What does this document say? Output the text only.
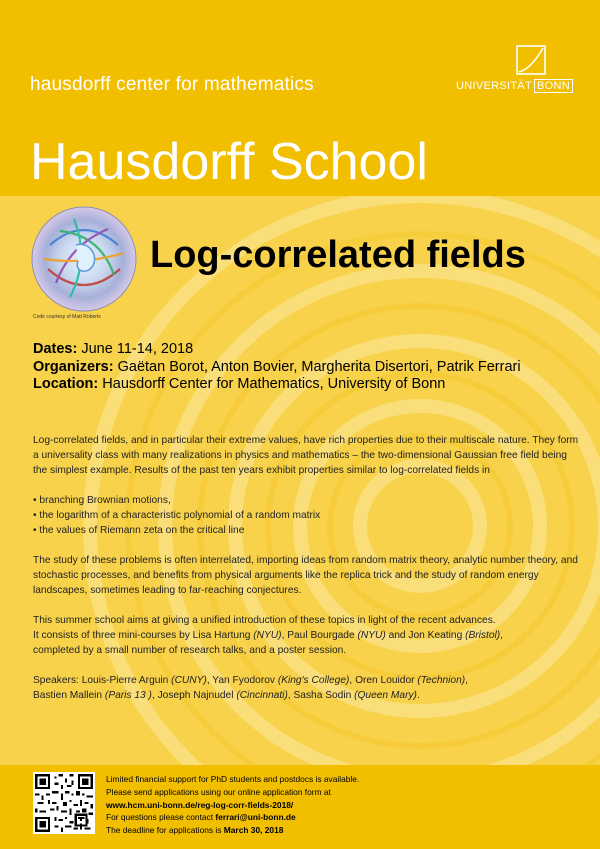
hausdorff center for mathematics	UNIVERSITÄT BONN
Hausdorff School
Code courtesy of Matt Roberts
Log-correlated fields
Dates: June 11-14, 2018
Organizers: Gaëtan Borot, Anton Bovier, Margherita Disertori, Patrik Ferrari
Location: Hausdorff Center for Mathematics, University of Bonn

Log-correlated fields, and in particular their extreme values, have rich properties due to their multiscale nature. They form a universality class with many realizations in physics and mathematics – the two-dimensional Gaussian free field being the simplest example. Results of the past ten years exhibit properties similar to log-correlated fields in

• branching Brownian motions,

• the logarithm of a characteristic polynomial of a random matrix

• the values of Riemann zeta on the critical line

The study of these problems is often interrelated, importing ideas from random matrix theory, analytic number theory, and stochastic processes, and benefits from physical arguments like the replica trick and the study of random energy landscapes, sometimes leading to far-reaching conjectures.

This summer school aims at giving a unified introduction of these topics in light of the recent advances.
It consists of three mini-courses by Lisa Hartung (NYU), Paul Bourgade (NYU) and Jon Keating (Bristol),
completed by a small number of research talks, and a poster session.

Speakers: Louis-Pierre Arguin (CUNY), Yan Fyodorov (King's College), Oren Louidor (Technion),
Bastien Mallein (Paris 13 ), Joseph Najnudel (Cincinnati), Sasha Sodin (Queen Mary).

Limited financial support for PhD students and postdocs is available.
Please send applications using our online application form at
www.hcm.uni-bonn.de/reg-log-corr-fields-2018/
For questions please contact ferrari@uni-bonn.de
The deadline for applications is March 30, 2018
